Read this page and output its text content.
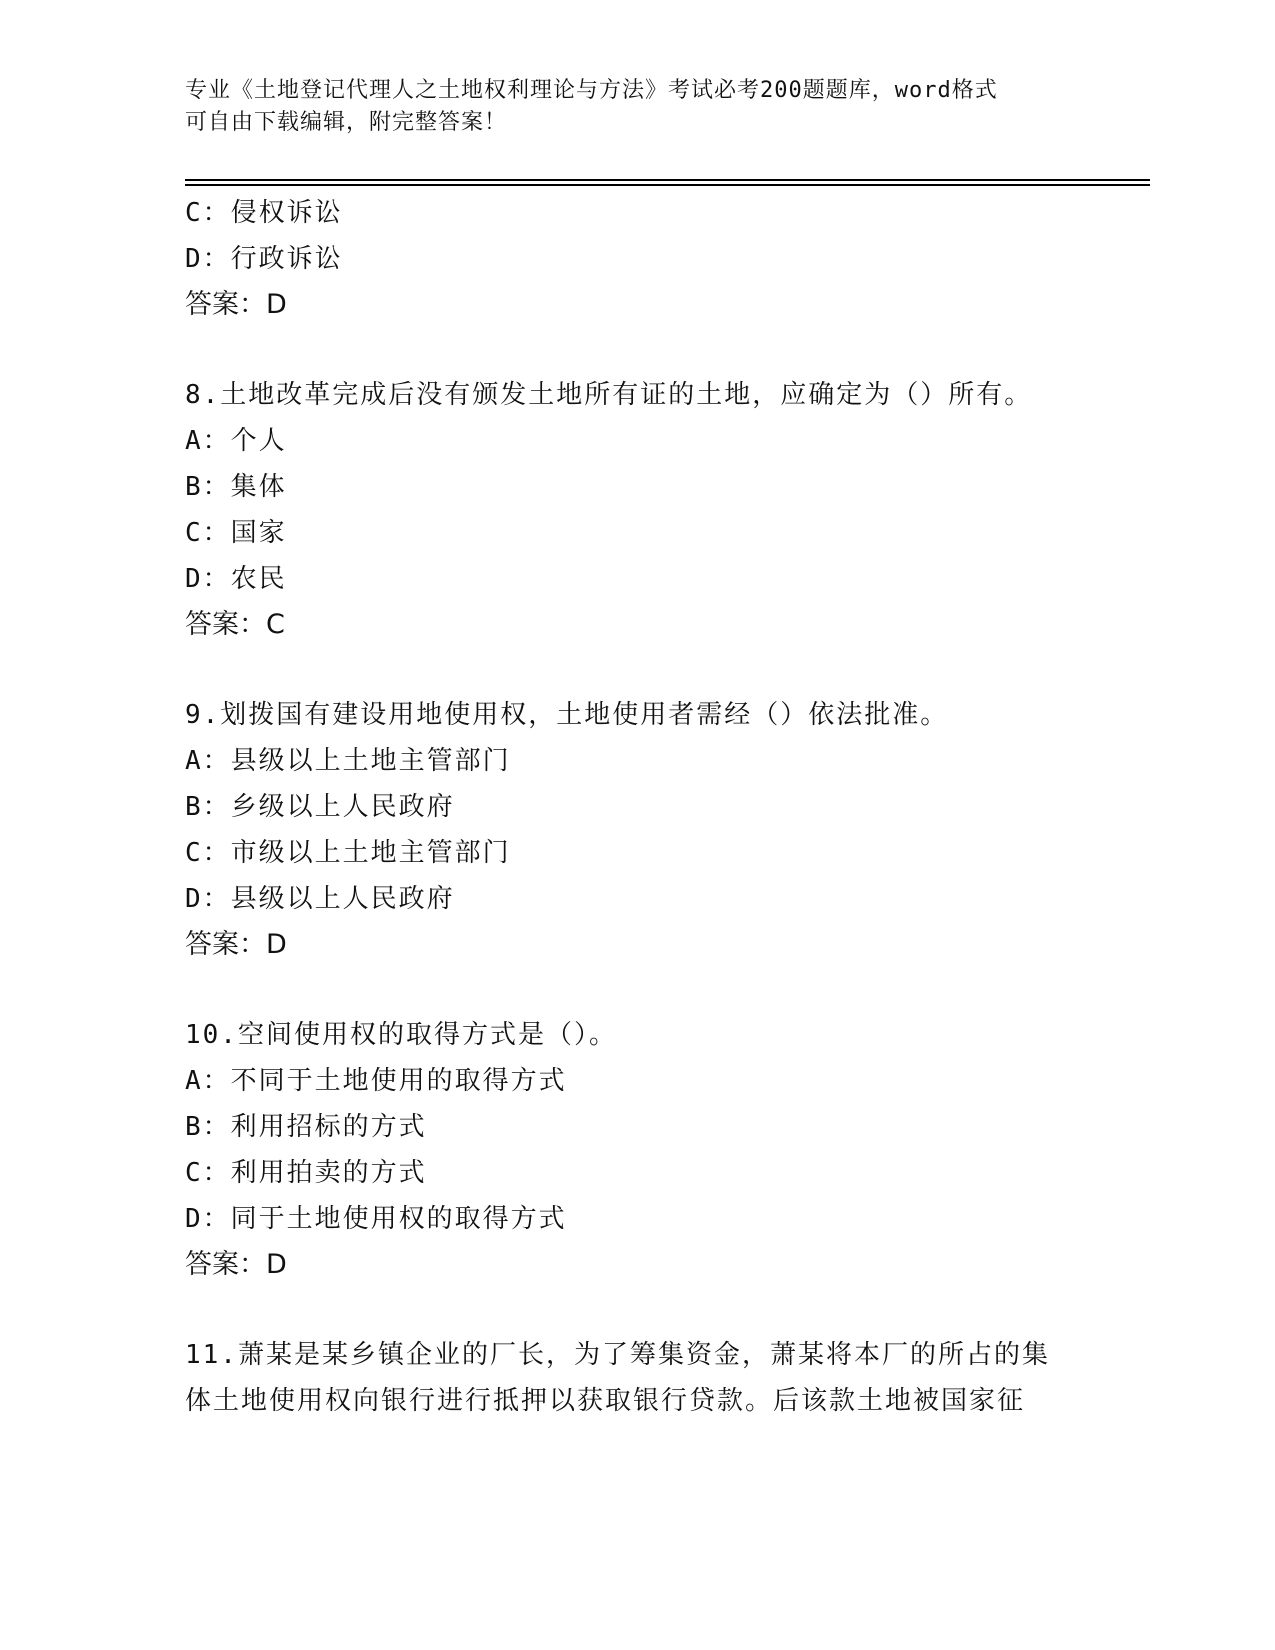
专业《土地登记代理人之土地权利理论与方法》考试必考200题题库，word格式
可自由下载编辑，附完整答案！
C：侵权诉讼
D：行政诉讼
答案：D
8.土地改革完成后没有颁发土地所有证的土地，应确定为（）所有。
A：个人
B：集体
C：国家
D：农民
答案：C
9.划拨国有建设用地使用权，土地使用者需经（）依法批准。
A：县级以上土地主管部门
B：乡级以上人民政府
C：市级以上土地主管部门
D：县级以上人民政府
答案：D
10.空间使用权的取得方式是（）。
A：不同于土地使用的取得方式
B：利用招标的方式
C：利用拍卖的方式
D：同于土地使用权的取得方式
答案：D
11.萧某是某乡镇企业的厂长，为了筹集资金，萧某将本厂的所占的集
体土地使用权向银行进行抵押以获取银行贷款。后该款土地被国家征
